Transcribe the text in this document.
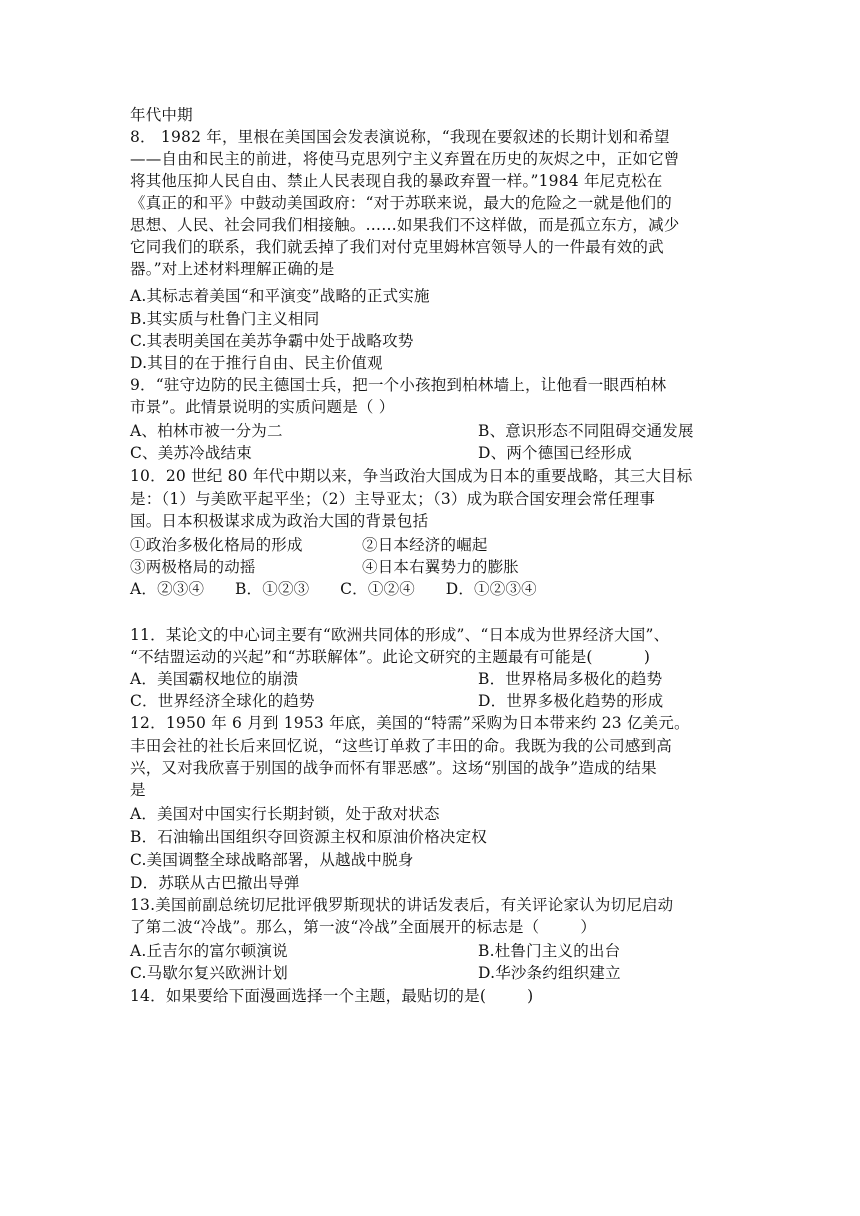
年代中期
8． 1982 年，里根在美国国会发表演说称，“我现在要叙述的长期计划和希望
——自由和民主的前进，将使马克思列宁主义弃置在历史的灰烬之中，正如它曾
将其他压抑人民自由、禁止人民表现自我的暴政弃置一样。”1984 年尼克松在
《真正的和平》中鼓动美国政府：“对于苏联来说，最大的危险之一就是他们的
思想、人民、社会同我们相接触。……如果我们不这样做，而是孤立东方，减少
它同我们的联系，我们就丢掉了我们对付克里姆林宫领导人的一件最有效的武
器。”对上述材料理解正确的是
A.其标志着美国“和平演变”战略的正式实施
B.其实质与杜鲁门主义相同
C.其表明美国在美苏争霸中处于战略攻势
D.其目的在于推行自由、民主价值观
9．“驻守边防的民主德国士兵，把一个小孩抱到柏林墙上，让他看一眼西柏林
市景”。此情景说明的实质问题是（ ）
A、柏林市被一分为二	B、意识形态不同阻碍交通发展
C、美苏冷战结束	D、两个德国已经形成
10．20 世纪 80 年代中期以来，争当政治大国成为日本的重要战略，其三大目标
是：（1）与美欧平起平坐；（2）主导亚太；（3）成为联合国安理会常任理事
国。日本积极谋求成为政治大国的背景包括
①政治多极化格局的形成	②日本经济的崛起
③两极格局的动摇	④日本右翼势力的膨胀
A．②③④      B．①②③      C．①②④      D．①②③④
11．某论文的中心词主要有“欧洲共同体的形成”、“日本成为世界经济大国”、
“不结盟运动的兴起”和“苏联解体”。此论文研究的主题最有可能是(          )
A．美国霸权地位的崩溃	B．世界格局多极化的趋势
C．世界经济全球化的趋势	D．世界多极化趋势的形成
12．1950 年 6 月到 1953 年底，美国的“特需”采购为日本带来约 23 亿美元。
丰田会社的社长后来回忆说，“这些订单救了丰田的命。我既为我的公司感到高
兴，又对我欣喜于别国的战争而怀有罪恶感”。这场“别国的战争”造成的结果
是
A．美国对中国实行长期封锁，处于敌对状态
B．石油输出国组织夺回资源主权和原油价格决定权
C.美国调整全球战略部署，从越战中脱身
D．苏联从古巴撤出导弹
13.美国前副总统切尼批评俄罗斯现状的讲话发表后，有关评论家认为切尼启动
了第二波“冷战”。那么，第一波“冷战”全面展开的标志是（        ）
A.丘吉尔的富尔顿演说	B.杜鲁门主义的出台
C.马歇尔复兴欧洲计划	D.华沙条约组织建立
14．如果要给下面漫画选择一个主题，最贴切的是(        )
